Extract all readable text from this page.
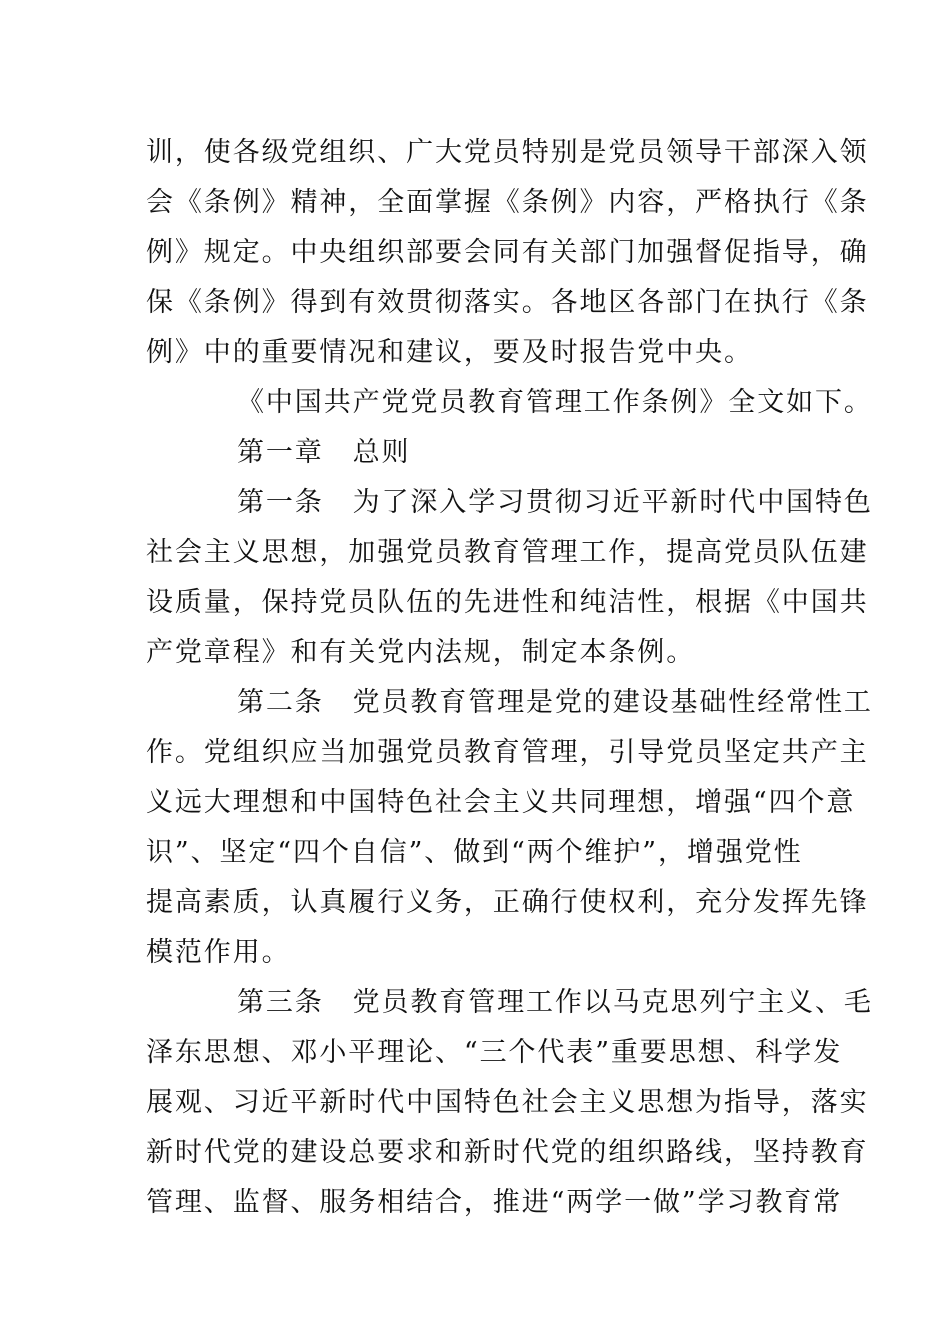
训，使各级党组织、广大党员特别是党员领导干部深入领
会《条例》精神，全面掌握《条例》内容，严格执行《条
例》规定。中央组织部要会同有关部门加强督促指导，确
保《条例》得到有效贯彻落实。各地区各部门在执行《条
例》中的重要情况和建议，要及时报告党中央。
《中国共产党党员教育管理工作条例》全文如下。
第一章　总则
第一条　为了深入学习贯彻习近平新时代中国特色
社会主义思想，加强党员教育管理工作，提高党员队伍建
设质量，保持党员队伍的先进性和纯洁性，根据《中国共
产党章程》和有关党内法规，制定本条例。
第二条　党员教育管理是党的建设基础性经常性工
作。党组织应当加强党员教育管理，引导党员坚定共产主
义远大理想和中国特色社会主义共同理想，增强“四个意
识”、坚定“四个自信”、做到“两个维护”，增强党性
提高素质，认真履行义务，正确行使权利，充分发挥先锋
模范作用。
第三条　党员教育管理工作以马克思列宁主义、毛
泽东思想、邓小平理论、“三个代表”重要思想、科学发
展观、习近平新时代中国特色社会主义思想为指导，落实
新时代党的建设总要求和新时代党的组织路线，坚持教育
管理、监督、服务相结合，推进“两学一做”学习教育常
